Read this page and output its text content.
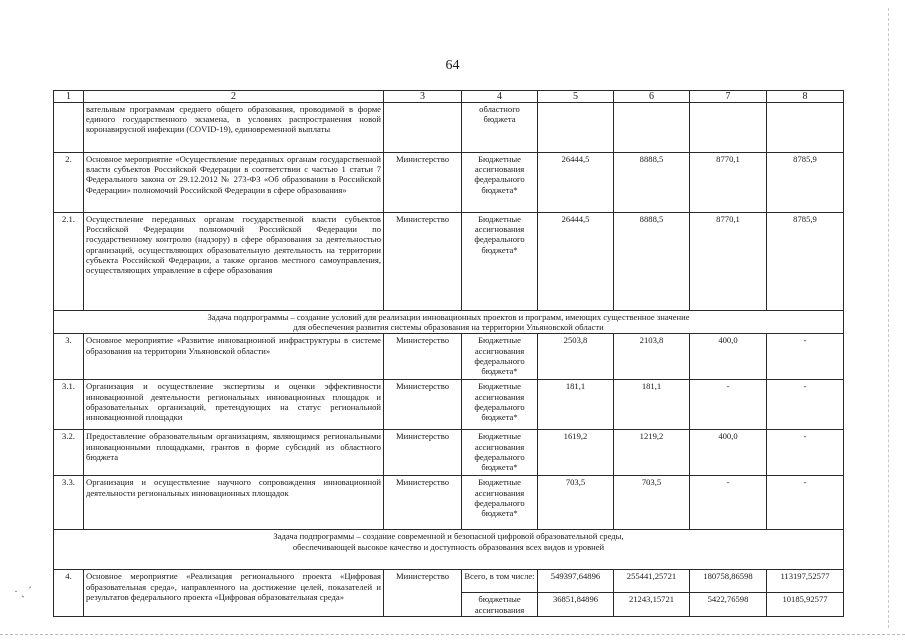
64
1	2	3	4	5	6	7	8
	вательным программам среднего общего образования, проводимой в форме единого государственного экзамена, в условиях распространения новой коронавирусной инфекции (COVID-19), единовременной выплаты		областного бюджета				
2.	Основное мероприятие «Осуществление переданных органам государственной власти субъектов Российской Федерации в соответствии с частью 1 статьи 7 Федерального закона от 29.12.2012 № 273-ФЗ «Об образовании в Российской Федерации» полномочий Российской Федерации в сфере образования»	Министерство	Бюджетные ассигнования федерального бюджета*	26444,5	8888,5	8770,1	8785,9
2.1.	Осуществление переданных органам государственной власти субъектов Российской Федерации полномочий Российской Федерации по государственному контролю (надзору) в сфере образования за деятельностью организаций, осуществляющих образовательную деятельность на территории субъекта Российской Федерации, а также органов местного самоуправления, осуществляющих управление в сфере образования	Министерство	Бюджетные ассигнования федерального бюджета*	26444,5	8888,5	8770,1	8785,9

Задача подпрограммы – создание условий для реализации инновационных проектов и программ, имеющих существенное значение
для обеспечения развития системы образования на территории Ульяновской области							

3.	Основное мероприятие «Развитие инновационной инфраструктуры в системе образования на территории Ульяновской области»	Министерство	Бюджетные ассигнования федерального бюджета*	2503,8	2103,8	400,0	-
3.1.	Организация и осуществление экспертизы и оценки эффективности инновационной деятельности региональных инновационных площадок и образовательных организаций, претендующих на статус региональной инновационной площадки	Министерство	Бюджетные ассигнования федерального бюджета*	181,1	181,1	-	-
3.2.	Предоставление образовательным организациям, являющимся региональными инновационными площадками, грантов в форме субсидий из областного бюджета	Министерство	Бюджетные ассигнования федерального бюджета*	1619,2	1219,2	400,0	-
3.3.	Организация и осуществление научного сопровождения инновационной деятельности региональных инновационных площадок	Министерство	Бюджетные ассигнования федерального бюджета*	703,5	703,5	-	-

Задача подпрограммы – создание современной и безопасной цифровой образовательной среды,
обеспечивающей высокое качество и доступность образования всех видов и уровней							

4.	Основное мероприятие «Реализация регионального проекта «Цифровая образовательная среда», направленного на достижение целей, показателей и результатов федерального проекта «Цифровая образовательная среда»	Министерство	Всего, в том числе:	549397,64896	255441,25721	180758,86598	113197,52577
			бюджетные ассигнования	36851,84896	21243,15721	5422,76598	10185,92577
· ˏ ˊ
